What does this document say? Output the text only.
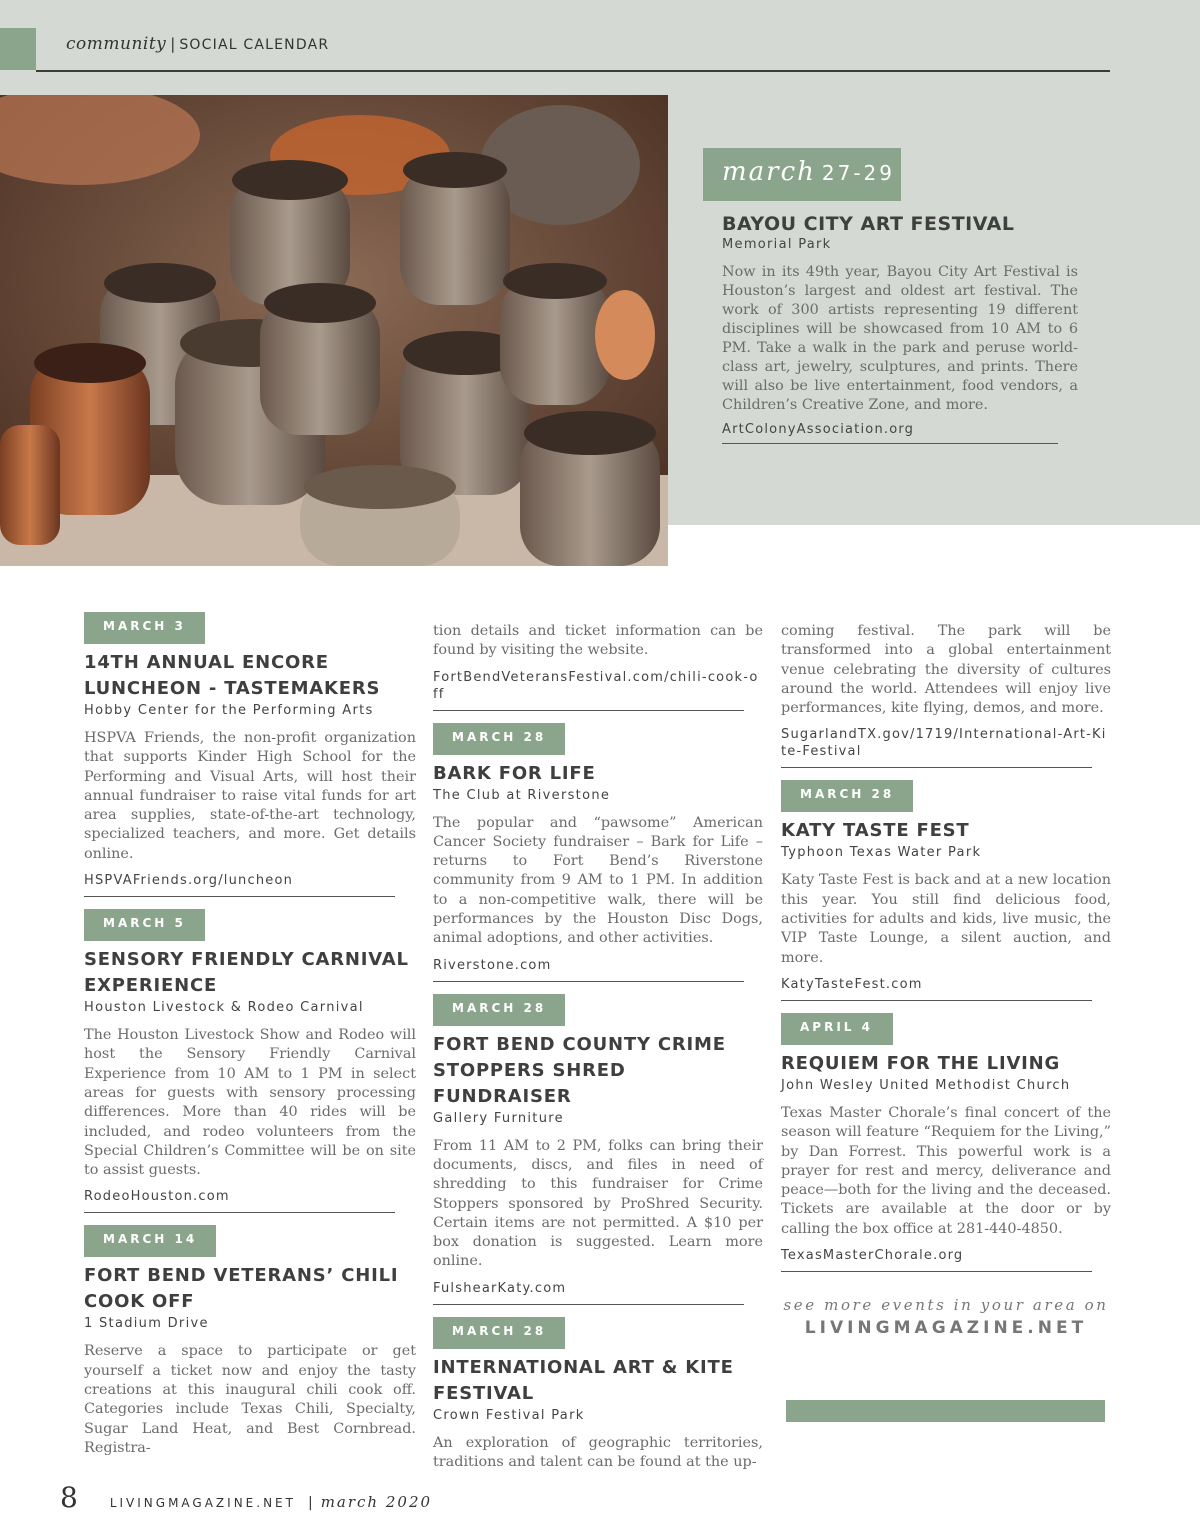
community | SOCIAL CALENDAR
march 27-29
BAYOU CITY ART FESTIVAL
Memorial Park
Now in its 49th year, Bayou City Art Festival is Houston’s largest and oldest art festival. The work of 300 artists representing 19 different disciplines will be showcased from 10 AM to 6 PM. Take a walk in the park and peruse world-class art, jewelry, sculptures, and prints. There will also be live entertainment, food vendors, a Children’s Creative Zone, and more.
ArtColonyAssociation.org
MARCH 3
14TH ANNUAL ENCORE LUNCHEON - TASTEMAKERS
Hobby Center for the Performing Arts
HSPVA Friends, the non-profit organization that supports Kinder High School for the Performing and Visual Arts, will host their annual fundraiser to raise vital funds for art area supplies, state-of-the-art technology, specialized teachers, and more. Get details online.
HSPVAFriends.org/luncheon
MARCH 5
SENSORY FRIENDLY CARNIVAL EXPERIENCE
Houston Livestock & Rodeo Carnival
The Houston Livestock Show and Rodeo will host the Sensory Friendly Carnival Experience from 10 AM to 1 PM in select areas for guests with sensory processing differences. More than 40 rides will be included, and rodeo volunteers from the Special Children’s Committee will be on site to assist guests.
RodeoHouston.com
MARCH 14
FORT BEND VETERANS’ CHILI COOK OFF
1 Stadium Drive
Reserve a space to participate or get yourself a ticket now and enjoy the tasty creations at this inaugural chili cook off. Categories include Texas Chili, Specialty, Sugar Land Heat, and Best Cornbread. Registra-
tion details and ticket information can be found by visiting the website.
FortBendVeteransFestival.com/chili-cook-off
MARCH 28
BARK FOR LIFE
The Club at Riverstone
The popular and “pawsome” American Cancer Society fundraiser – Bark for Life – returns to Fort Bend’s Riverstone community from 9 AM to 1 PM. In addition to a non-competitive walk, there will be performances by the Houston Disc Dogs, animal adoptions, and other activities.
Riverstone.com
MARCH 28
FORT BEND COUNTY CRIME STOPPERS SHRED FUNDRAISER
Gallery Furniture
From 11 AM to 2 PM, folks can bring their documents, discs, and files in need of shredding to this fundraiser for Crime Stoppers sponsored by ProShred Security. Certain items are not permitted. A $10 per box donation is suggested. Learn more online.
FulshearKaty.com
MARCH 28
INTERNATIONAL ART & KITE FESTIVAL
Crown Festival Park
An exploration of geographic territories, traditions and talent can be found at the up-
coming festival. The park will be transformed into a global entertainment venue celebrating the diversity of cultures around the world. Attendees will enjoy live performances, kite flying, demos, and more.
SugarlandTX.gov/1719/International-Art-Kite-Festival
MARCH 28
KATY TASTE FEST
Typhoon Texas Water Park
Katy Taste Fest is back and at a new location this year. You still find delicious food, activities for adults and kids, live music, the VIP Taste Lounge, a silent auction, and more.
KatyTasteFest.com
APRIL 4
REQUIEM FOR THE LIVING
John Wesley United Methodist Church
Texas Master Chorale’s final concert of the season will feature “Requiem for the Living,” by Dan Forrest. This powerful work is a prayer for rest and mercy, deliverance and peace—both for the living and the deceased. Tickets are available at the door or by calling the box office at 281-440-4850.
TexasMasterChorale.org
see more events in your area on
LIVINGMAGAZINE.NET
8	LIVINGMAGAZINE.NET | march 2020
